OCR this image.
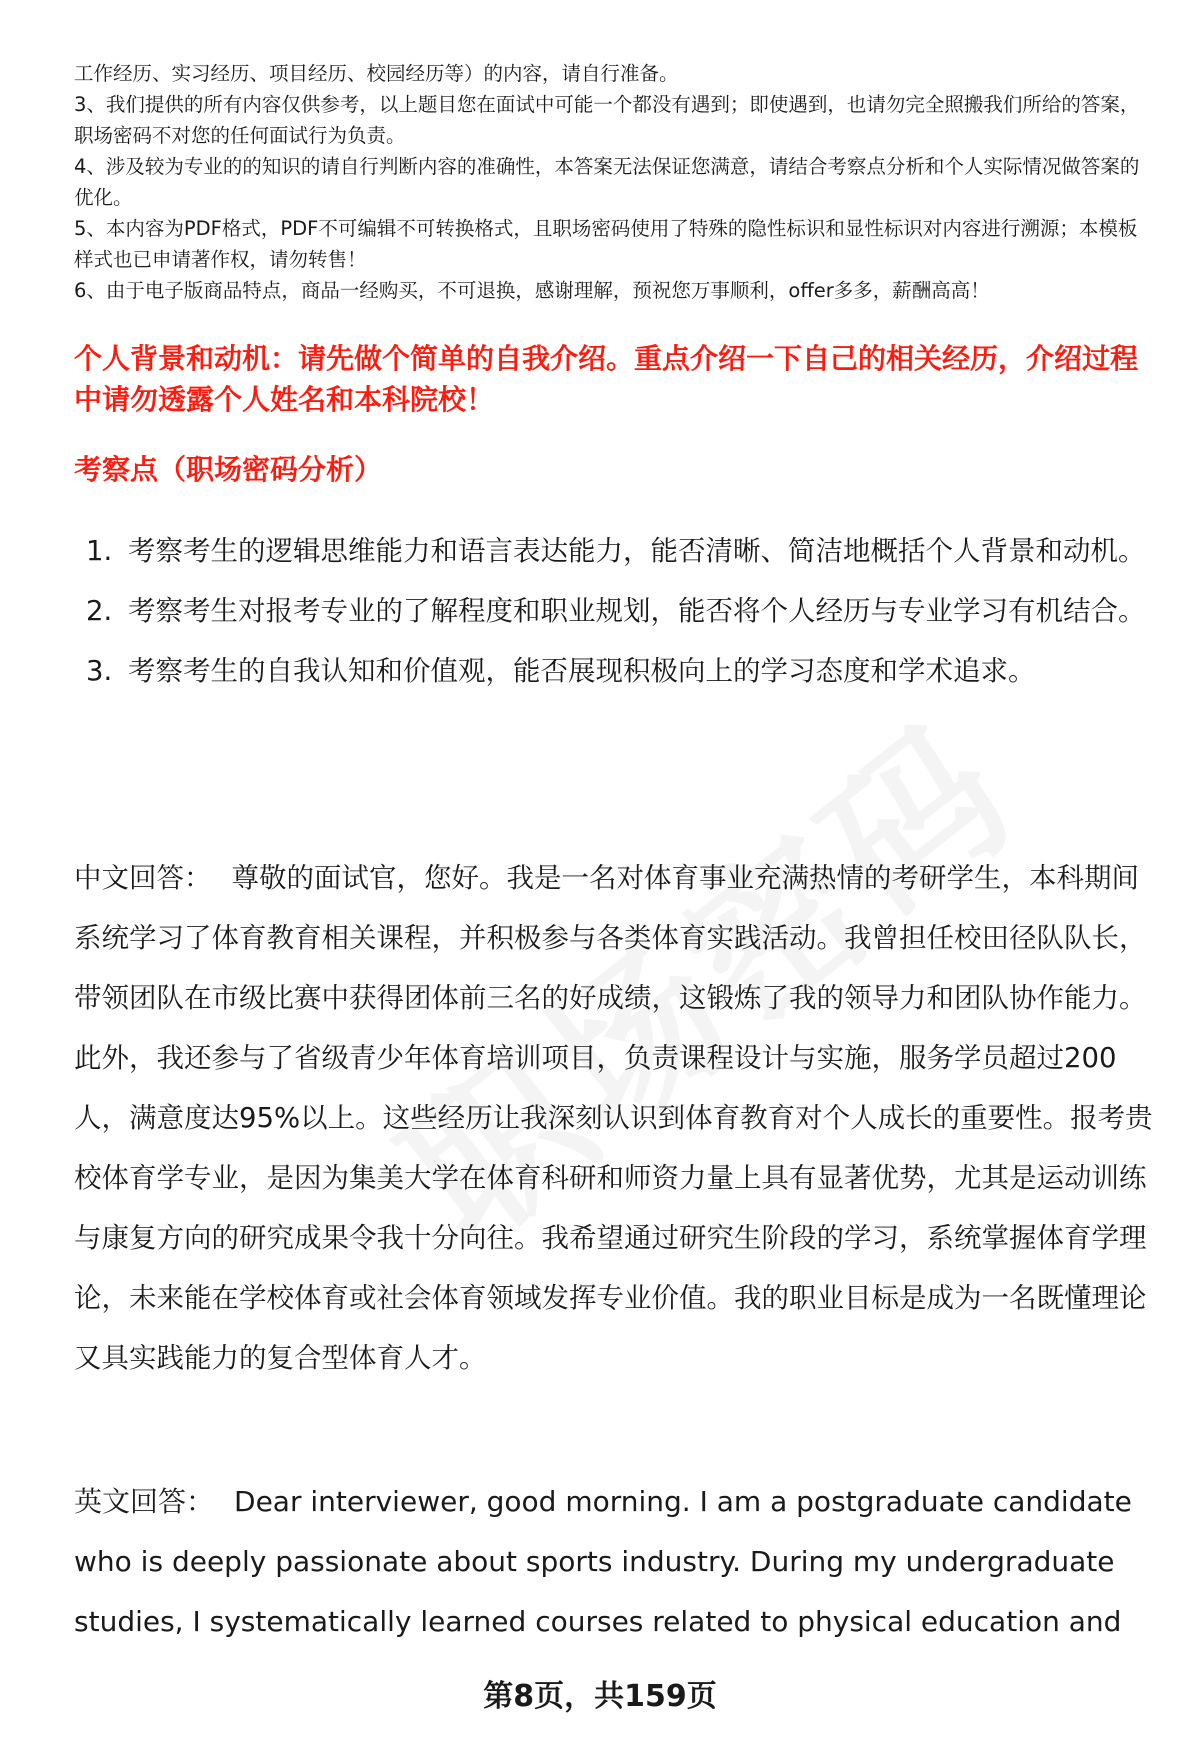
工作经历、实习经历、项目经历、校园经历等）的内容，请自行准备。

3、我们提供的所有内容仅供参考，以上题目您在面试中可能一个都没有遇到；即使遇到，也请勿完全照搬我们所给的答案，职场密码不对您的任何面试行为负责。

4、涉及较为专业的的知识的请自行判断内容的准确性，本答案无法保证您满意，请结合考察点分析和个人实际情况做答案的优化。

5、本内容为PDF格式，PDF不可编辑不可转换格式，且职场密码使用了特殊的隐性标识和显性标识对内容进行溯源；本模板样式也已申请著作权，请勿转售！

6、由于电子版商品特点，商品一经购买，不可退换，感谢理解，预祝您万事顺利，offer多多，薪酬高高！

个人背景和动机：请先做个简单的自我介绍。重点介绍一下自己的相关经历，介绍过程中请勿透露个人姓名和本科院校！

考察点（职场密码分析）

1. 考察考生的逻辑思维能力和语言表达能力，能否清晰、简洁地概括个人背景和动机。
2. 考察考生对报考专业的了解程度和职业规划，能否将个人经历与专业学习有机结合。
3. 考察考生的自我认知和价值观，能否展现积极向上的学习态度和学术追求。

中文回答： 尊敬的面试官，您好。我是一名对体育事业充满热情的考研学生，本科期间系统学习了体育教育相关课程，并积极参与各类体育实践活动。我曾担任校田径队队长，带领团队在市级比赛中获得团体前三名的好成绩，这锻炼了我的领导力和团队协作能力。此外，我还参与了省级青少年体育培训项目，负责课程设计与实施，服务学员超过200人，满意度达95%以上。这些经历让我深刻认识到体育教育对个人成长的重要性。报考贵校体育学专业，是因为集美大学在体育科研和师资力量上具有显著优势，尤其是运动训练与康复方向的研究成果令我十分向往。我希望通过研究生阶段的学习，系统掌握体育学理论，未来能在学校体育或社会体育领域发挥专业价值。我的职业目标是成为一名既懂理论又具实践能力的复合型体育人才。

英文回答： Dear interviewer, good morning. I am a postgraduate candidate who is deeply passionate about sports industry. During my undergraduate studies, I systematically learned courses related to physical education and

第8页，共159页
